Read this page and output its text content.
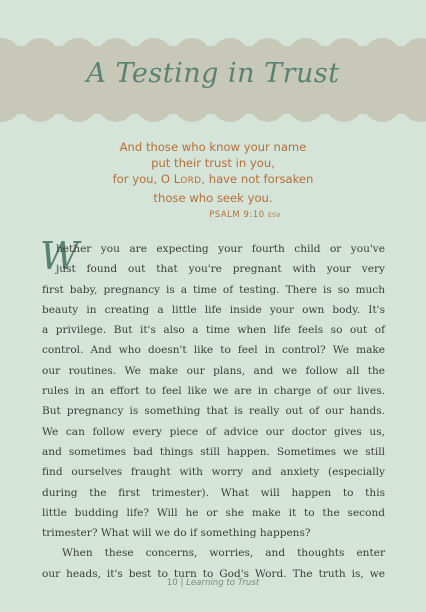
A Testing in Trust
And those who know your name
put their trust in you,
for you, O LORD, have not forsaken
those who seek you.
PSALM 9:10 ESV
W
hether you are expecting your fourth child or you've
just found out that you're pregnant with your very
first baby, pregnancy is a time of testing. There is so much
beauty in creating a little life inside your own body. It's
a privilege. But it's also a time when life feels so out of
control. And who doesn't like to feel in control? We make
our routines. We make our plans, and we follow all the
rules in an effort to feel like we are in charge of our lives.
But pregnancy is something that is really out of our hands.
We can follow every piece of advice our doctor gives us,
and sometimes bad things still happen. Sometimes we still
find ourselves fraught with worry and anxiety (especially
during the first trimester). What will happen to this
little budding life? Will he or she make it to the second
trimester? What will we do if something happens?
When these concerns, worries, and thoughts enter
our heads, it's best to turn to God's Word. The truth is, we
10 | Learning to Trust
